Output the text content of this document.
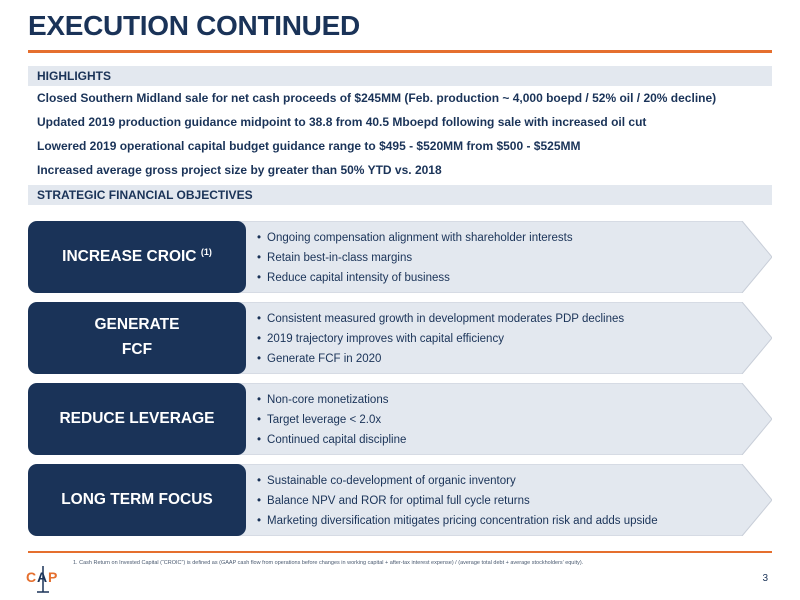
EXECUTION CONTINUED
HIGHLIGHTS
Closed Southern Midland sale for net cash proceeds of $245MM (Feb. production ~ 4,000 boepd / 52% oil / 20% decline)
Updated 2019 production guidance midpoint to 38.8 from 40.5 Mboepd following sale with increased oil cut
Lowered 2019 operational capital budget guidance range to $495 - $520MM from $500 - $525MM
Increased average gross project size by greater than 50% YTD vs. 2018
STRATEGIC FINANCIAL OBJECTIVES
INCREASE CROIC $^{(1)}$
• Ongoing compensation alignment with shareholder interests
• Retain best-in-class margins
• Reduce capital intensity of business
GENERATE
FCF
• Consistent measured growth in development moderates PDP declines
• 2019 trajectory improves with capital efficiency
• Generate FCF in 2020
REDUCE LEVERAGE
• Non-core monetizations
• Target leverage < 2.0x
• Continued capital discipline
LONG TERM FOCUS
• Sustainable co-development of organic inventory
• Balance NPV and ROR for optimal full cycle returns
• Marketing diversification mitigates pricing concentration risk and adds upside
1. Cash Return on Invested Capital (“CROIC”) is defined as (GAAP cash flow from operations before changes in working capital + after-tax interest expense) / (average total debt + average stockholders’ equity).
C A P	3
